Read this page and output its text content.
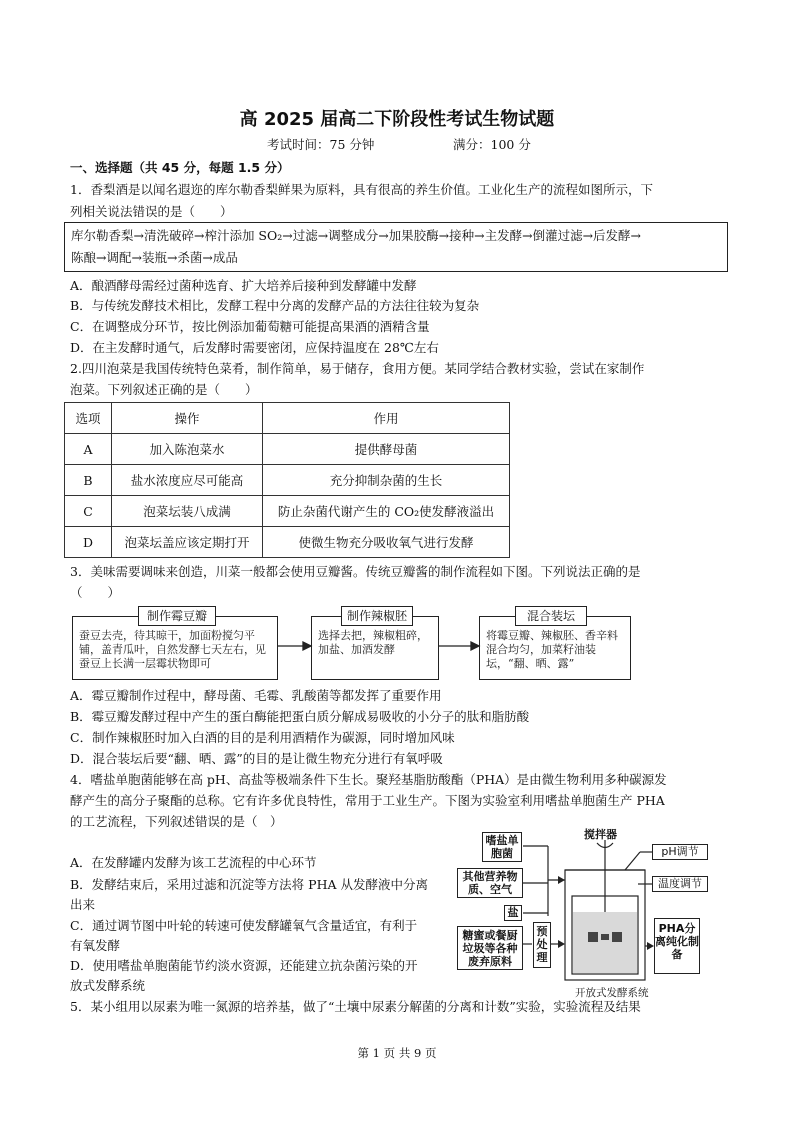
高 2025 届高二下阶段性考试生物试题
考试时间：75 分钟	满分：100 分
一、选择题（共 45 分，每题 1.5 分）
1．香梨酒是以闻名遐迩的库尔勒香梨鲜果为原料，具有很高的养生价值。工业化生产的流程如图所示，下
列相关说法错误的是（　　）
库尔勒香梨→清洗破碎→榨汁添加 SO₂→过滤→调整成分→加果胶酶→接种→主发酵→倒灌过滤→后发酵→
陈酿→调配→装瓶→杀菌→成品
A．酿酒酵母需经过菌种选育、扩大培养后接种到发酵罐中发酵
B．与传统发酵技术相比，发酵工程中分离的发酵产品的方法往往较为复杂
C．在调整成分环节，按比例添加葡萄糖可能提高果酒的酒精含量
D．在主发酵时通气，后发酵时需要密闭，应保持温度在 28℃左右
2.四川泡菜是我国传统特色菜肴，制作简单，易于储存，食用方便。某同学结合教材实验，尝试在家制作
泡菜。下列叙述正确的是（　　）
选项	操作	作用
A	加入陈泡菜水	提供酵母菌
B	盐水浓度应尽可能高	充分抑制杂菌的生长
C	泡菜坛装八成满	防止杂菌代谢产生的 CO₂使发酵液溢出
D	泡菜坛盖应该定期打开	使微生物充分吸收氧气进行发酵
3．美味需要调味来创造，川菜一般都会使用豆瓣酱。传统豆瓣酱的制作流程如下图。下列说法正确的是
（　　）
蚕豆去壳，待其晾干，加面粉搅匀平铺，盖青瓜叶，自然发酵七天左右，见蚕豆上长满一层霉状物即可
制作霉豆瓣
选择去把，辣椒粗碎，加盐、加酒发酵
制作辣椒胚
将霉豆瓣、辣椒胚、香辛料混合均匀，加菜籽油装坛，“翻、晒、露”
混合装坛
A．霉豆瓣制作过程中，酵母菌、毛霉、乳酸菌等都发挥了重要作用
B．霉豆瓣发酵过程中产生的蛋白酶能把蛋白质分解成易吸收的小分子的肽和脂肪酸
C．制作辣椒胚时加入白酒的目的是利用酒精作为碳源，同时增加风味
D．混合装坛后要“翻、晒、露”的目的是让微生物充分进行有氧呼吸
4．嗜盐单胞菌能够在高 pH、高盐等极端条件下生长。聚羟基脂肪酸酯（PHA）是由微生物利用多种碳源发
酵产生的高分子聚酯的总称。它有许多优良特性，常用于工业生产。下图为实验室利用嗜盐单胞菌生产 PHA
的工艺流程，下列叙述错误的是（　）
A．在发酵罐内发酵为该工艺流程的中心环节
B．发酵结束后，采用过滤和沉淀等方法将 PHA 从发酵液中分离
出来
C．通过调节图中叶轮的转速可使发酵罐氧气含量适宜，有利于
有氧发酵
D．使用嗜盐单胞菌能节约淡水资源，还能建立抗杂菌污染的开
放式发酵系统
嗜盐单胞菌
其他营养物质、空气
盐
糖蜜或餐厨垃圾等各种废弃原料
预处理
搅拌器
pH调节
温度调节
PHA分离纯化制备
开放式发酵系统
5．某小组用以尿素为唯一氮源的培养基，做了“土壤中尿素分解菌的分离和计数”实验，实验流程及结果
第 1 页 共 9 页
